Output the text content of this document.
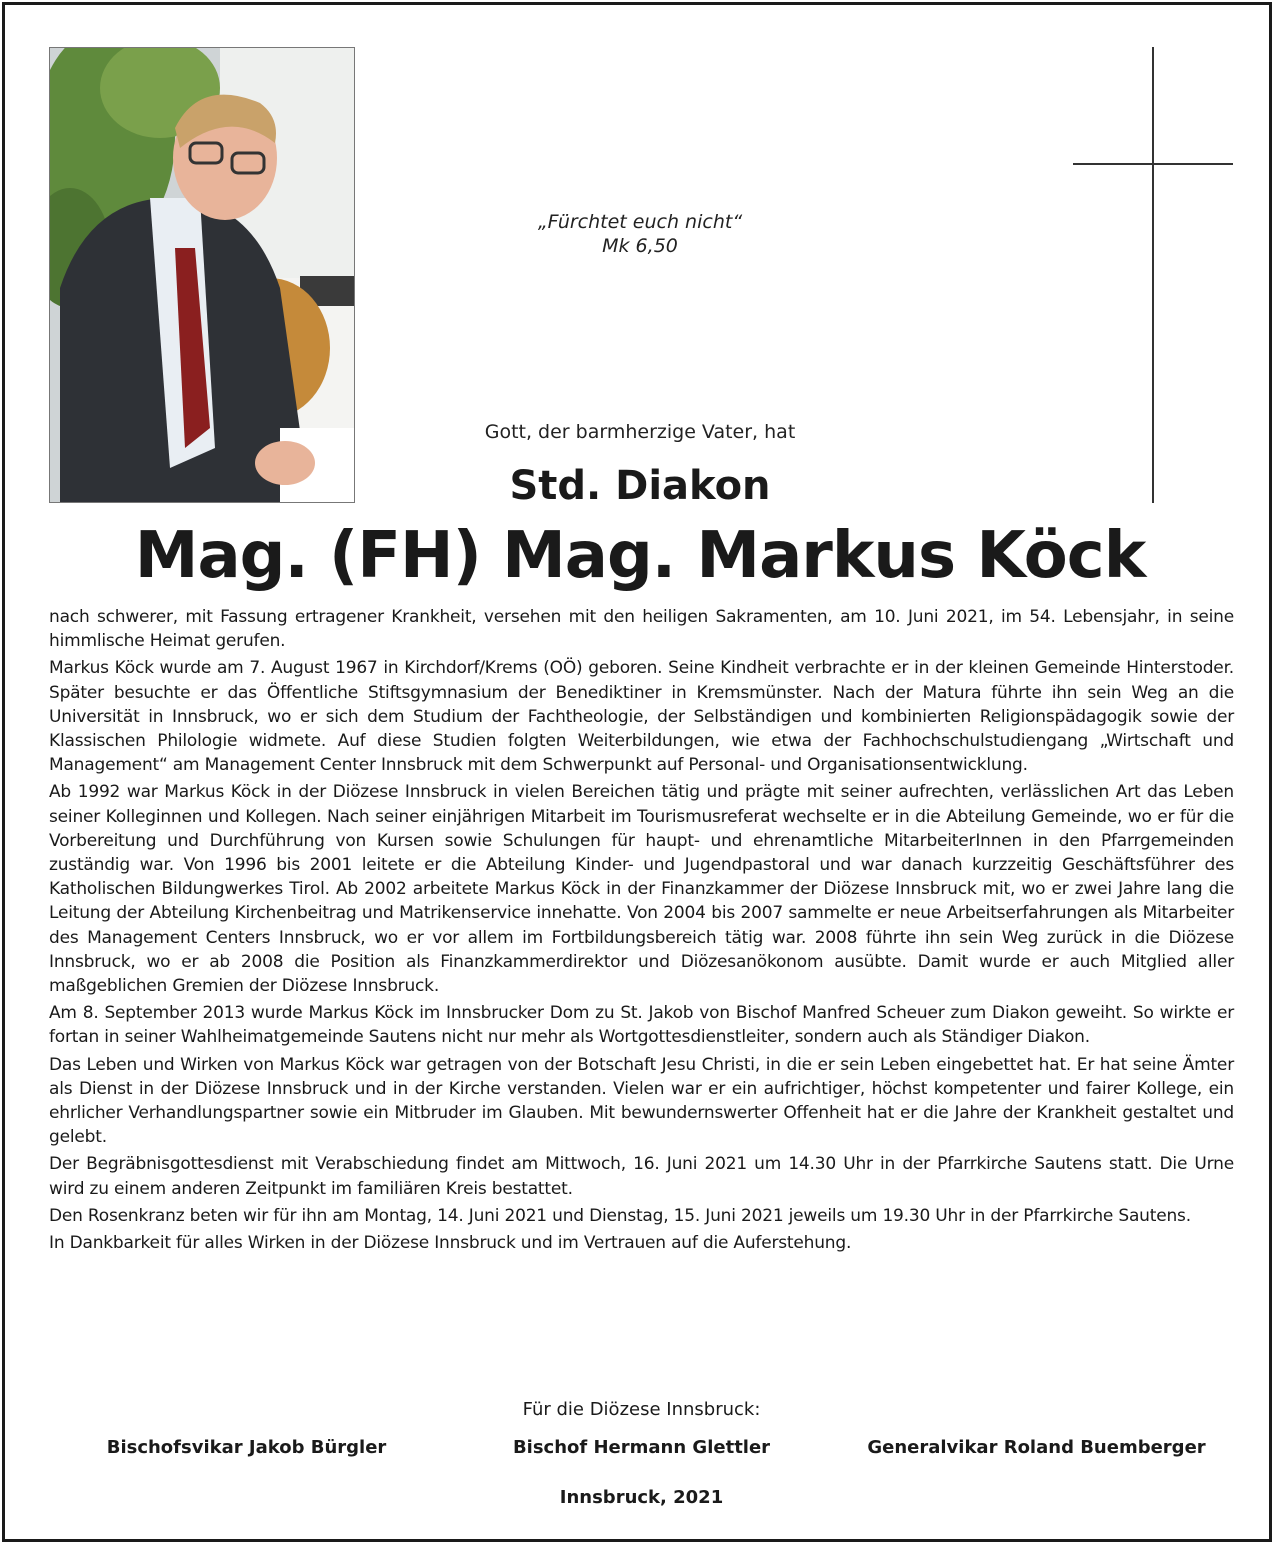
„Fürchtet euch nicht“
Mk 6,50
Gott, der barmherzige Vater, hat
Std. Diakon
Mag. (FH) Mag. Markus Köck

nach schwerer, mit Fassung ertragener Krankheit, versehen mit den heiligen Sakramenten, am 10. Juni 2021, im 54. Lebensjahr, in seine himmlische Heimat gerufen.

Markus Köck wurde am 7. August 1967 in Kirchdorf/Krems (OÖ) geboren. Seine Kindheit verbrachte er in der kleinen Gemeinde Hinterstoder. Später besuchte er das Öffentliche Stiftsgymnasium der Benediktiner in Kremsmünster. Nach der Matura führte ihn sein Weg an die Universität in Innsbruck, wo er sich dem Studium der Fachtheologie, der Selbständigen und kombinierten Religionspädagogik sowie der Klassischen Philologie widmete. Auf diese Studien folgten Weiterbildungen, wie etwa der Fachhochschulstudiengang „Wirtschaft und Management“ am Management Center Innsbruck mit dem Schwerpunkt auf Personal- und Organisationsentwicklung.

Ab 1992 war Markus Köck in der Diözese Innsbruck in vielen Bereichen tätig und prägte mit seiner aufrechten, verlässlichen Art das Leben seiner Kolleginnen und Kollegen. Nach seiner einjährigen Mitarbeit im Tourismusreferat wechselte er in die Abteilung Gemeinde, wo er für die Vorbereitung und Durchführung von Kursen sowie Schulungen für haupt- und ehrenamtliche MitarbeiterInnen in den Pfarrgemeinden zuständig war. Von 1996 bis 2001 leitete er die Abteilung Kinder- und Jugendpastoral und war danach kurzzeitig Geschäftsführer des Katholischen Bildungwerkes Tirol. Ab 2002 arbeitete Markus Köck in der Finanzkammer der Diözese Innsbruck mit, wo er zwei Jahre lang die Leitung der Abteilung Kirchenbeitrag und Matrikenservice innehatte. Von 2004 bis 2007 sammelte er neue Arbeitserfahrungen als Mitarbeiter des Management Centers Innsbruck, wo er vor allem im Fortbildungsbereich tätig war. 2008 führte ihn sein Weg zurück in die Diözese Innsbruck, wo er ab 2008 die Position als Finanzkammerdirektor und Diözesanökonom ausübte. Damit wurde er auch Mitglied aller maßgeblichen Gremien der Diözese Innsbruck.

Am 8. September 2013 wurde Markus Köck im Innsbrucker Dom zu St. Jakob von Bischof Manfred Scheuer zum Diakon geweiht. So wirkte er fortan in seiner Wahlheimatgemeinde Sautens nicht nur mehr als Wortgottesdienstleiter, sondern auch als Ständiger Diakon.

Das Leben und Wirken von Markus Köck war getragen von der Botschaft Jesu Christi, in die er sein Leben eingebettet hat. Er hat seine Ämter als Dienst in der Diözese Innsbruck und in der Kirche verstanden. Vielen war er ein aufrichtiger, höchst kompetenter und fairer Kollege, ein ehrlicher Verhandlungspartner sowie ein Mitbruder im Glauben. Mit bewundernswerter Offenheit hat er die Jahre der Krankheit gestaltet und gelebt.

Der Begräbnisgottesdienst mit Verabschiedung findet am Mittwoch, 16. Juni 2021 um 14.30 Uhr in der Pfarrkirche Sautens statt. Die Urne wird zu einem anderen Zeitpunkt im familiären Kreis bestattet.

Den Rosenkranz beten wir für ihn am Montag, 14. Juni 2021 und Dienstag, 15. Juni 2021 jeweils um 19.30 Uhr in der Pfarrkirche Sautens.

In Dankbarkeit für alles Wirken in der Diözese Innsbruck und im Vertrauen auf die Auferstehung.

Für die Diözese Innsbruck:
Bischofsvikar Jakob Bürgler	Bischof Hermann Glettler	Generalvikar Roland Buemberger
Innsbruck, 2021
